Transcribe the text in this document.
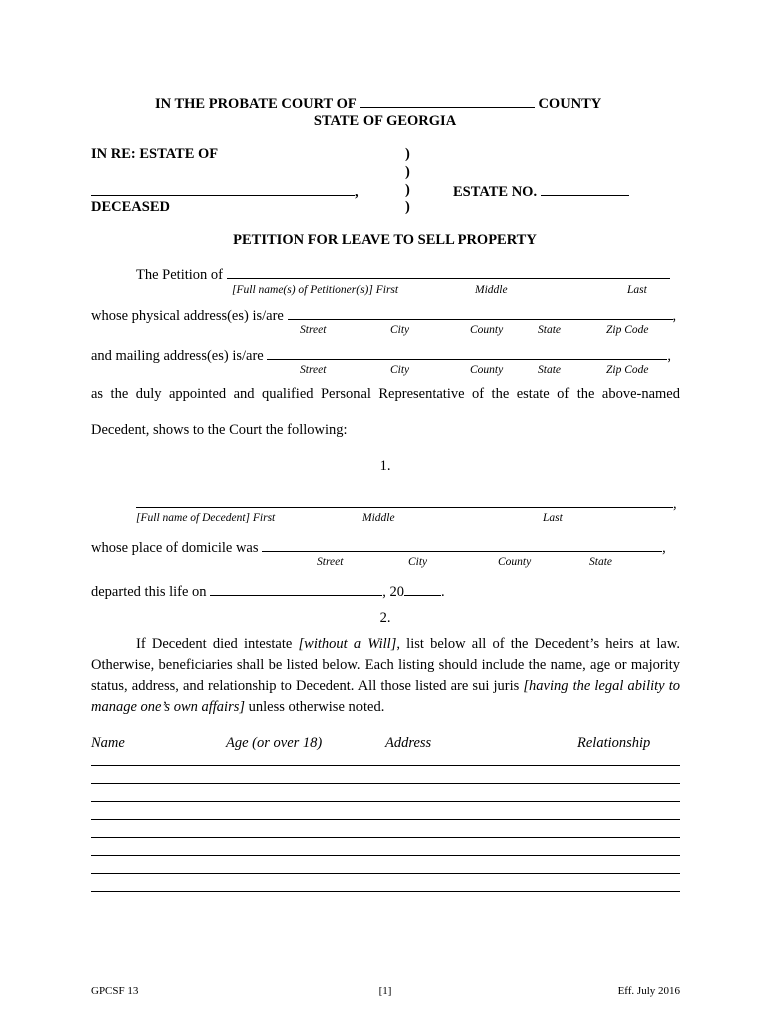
IN THE PROBATE COURT OF	COUNTY
STATE OF GEORGIA
IN RE: ESTATE OF	)
)
,	)	ESTATE NO.
DECEASED	)
PETITION FOR LEAVE TO SELL PROPERTY
The Petition of
[Full name(s) of Petitioner(s)] First	Middle	Last
whose physical address(es) is/are	,
Street	City	County	State	Zip Code
and mailing address(es) is/are	,
Street	City	County	State	Zip Code
as the duly appointed and qualified Personal Representative of the estate of the above-named
Decedent, shows to the Court the following:
1.
,
[Full name of Decedent] First	Middle	Last
whose place of domicile was	,
Street	City	County	State
departed this life on	, 20	.
2.
If Decedent died intestate [without a Will], list below all of the Decedent’s heirs at law. Otherwise, beneficiaries shall be listed below. Each listing should include the name, age or majority status, address, and relationship to Decedent. All those listed are sui juris [having the legal ability to manage one’s own affairs] unless otherwise noted.
Name	Age (or over 18)	Address	Relationship
GPCSF 13	[1]	Eff. July 2016
